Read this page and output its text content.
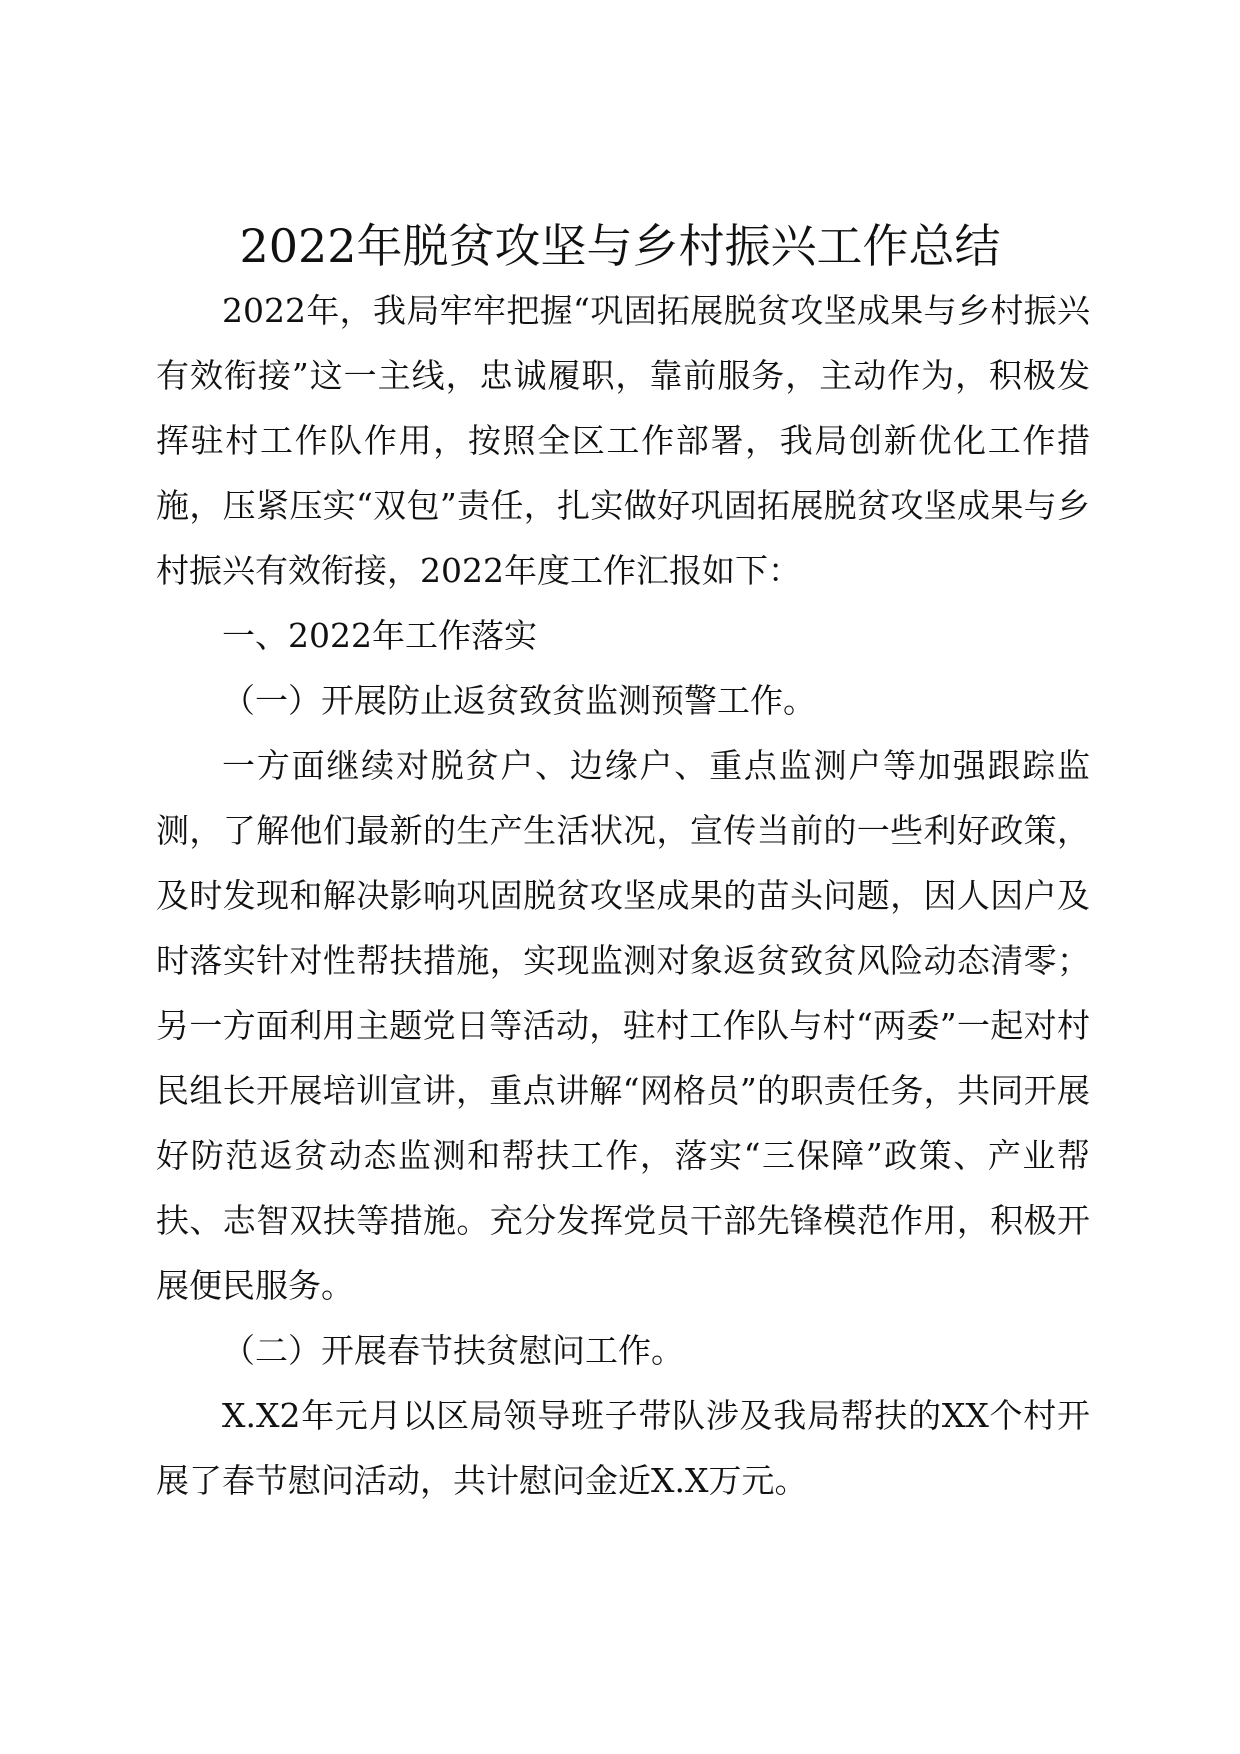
2022年脱贫攻坚与乡村振兴工作总结

2022年，我局牢牢把握“巩固拓展脱贫攻坚成果与乡村振兴有效衔接”这一主线，忠诚履职，靠前服务，主动作为，积极发挥驻村工作队作用，按照全区工作部署，我局创新优化工作措施，压紧压实“双包”责任，扎实做好巩固拓展脱贫攻坚成果与乡村振兴有效衔接，2022年度工作汇报如下：

一、2022年工作落实

（一）开展防止返贫致贫监测预警工作。

一方面继续对脱贫户、边缘户、重点监测户等加强跟踪监测，了解他们最新的生产生活状况，宣传当前的一些利好政策，及时发现和解决影响巩固脱贫攻坚成果的苗头问题，因人因户及时落实针对性帮扶措施，实现监测对象返贫致贫风险动态清零；另一方面利用主题党日等活动，驻村工作队与村“两委”一起对村民组长开展培训宣讲，重点讲解“网格员”的职责任务，共同开展好防范返贫动态监测和帮扶工作，落实“三保障”政策、产业帮扶、志智双扶等措施。充分发挥党员干部先锋模范作用，积极开展便民服务。

（二）开展春节扶贫慰问工作。

X.X2年元月以区局领导班子带队涉及我局帮扶的XX个村开展了春节慰问活动，共计慰问金近X.X万元。
